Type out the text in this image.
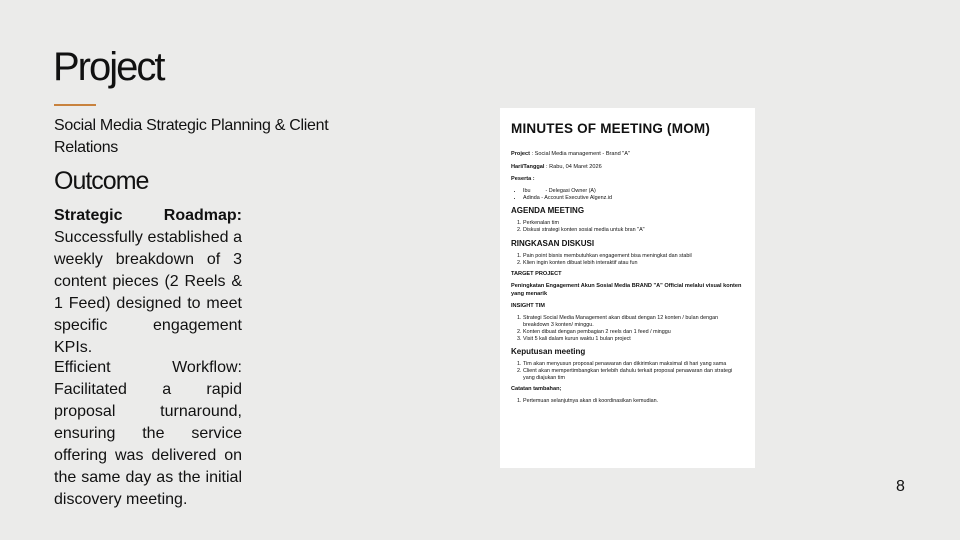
Project
Social Media Strategic Planning & Client Relations
Outcome
Strategic	Roadmap:
Successfully established a weekly breakdown of 3 content pieces (2 Reels & 1 Feed) designed to meet specific engagement KPIs.
Efficient	Workflow:
Facilitated a rapid proposal turnaround, ensuring the service offering was delivered on the same day as the initial discovery meeting.
MINUTES OF MEETING (MOM)
Project : Social Media management - Brand "A"
Hari/Tanggal : Rabu, 04 Maret 2026
Peserta :
• Ibu          - Delegasi Owner (A)
• Adinda - Account Executive Algenz.id
AGENDA MEETING
1. Perkenalan tim
2. Diskusi strategi konten sosial media untuk bran "A"
RINGKASAN DISKUSI
1. Pain point bisnis membutuhkan engagement bisa meningkat dan stabil
2. Klien ingin konten dibuat lebih interaktif atau fun
TARGET PROJECT
Peningkatan Engagement Akun Sosial Media BRAND "A" Official melalui visual konten yang menarik
INSIGHT TIM
1. Strategi Social Media Management akan dibuat dengan 12 konten / bulan dengan breakdown 3 konten/ minggu.
2. Konten dibuat dengan pembagian 2 reels dan 1 feed / minggu
3. Visit 5 kali dalam kurun waktu 1 bulan project
Keputusan meeting
1. Tim akan menyusun proposal penawaran dan dikirimkan maksimal di hari yang sama
2. Client akan mempertimbangkan terlebih dahulu terkait proposal penawaran dan strategi yang diajukan tim
Catatan tambahan;
1. Pertemuan selanjutnya akan di koordinasikan kemudian.
8
